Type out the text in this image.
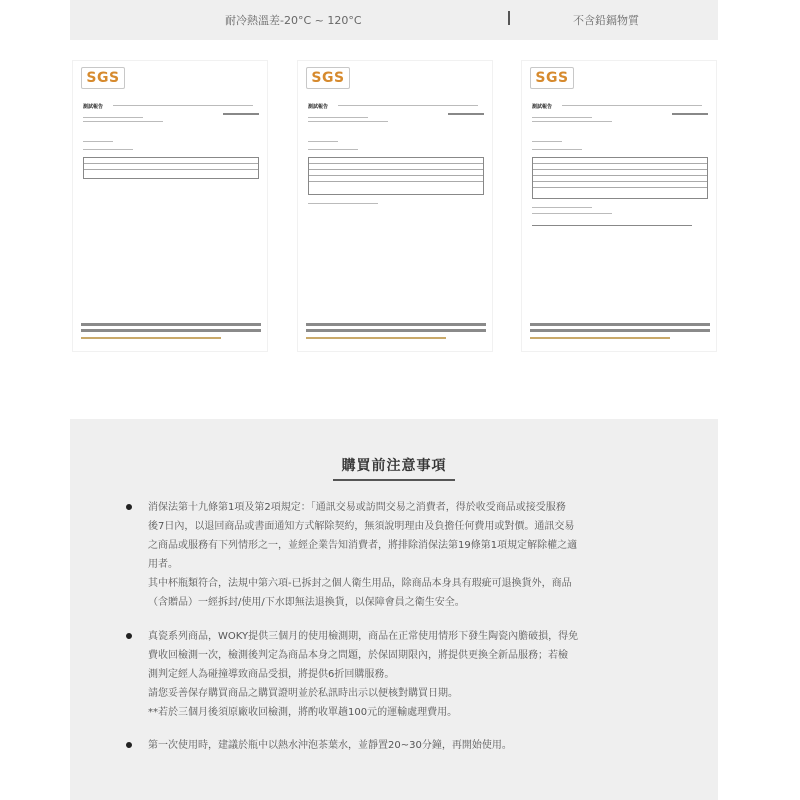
耐冷熱溫差-20°C ~ 120°C	不含鉛鎘物質
SGS
測試報告
SGS
測試報告
SGS
測試報告
購買前注意事項

消保法第十九條第1項及第2項規定：「通訊交易或訪問交易之消費者，得於收受商品或接受服務

後7日內，以退回商品或書面通知方式解除契約，無須說明理由及負擔任何費用或對價。通訊交易

之商品或服務有下列情形之一，並經企業告知消費者，將排除消保法第19條第1項規定解除權之適

用者。

其中杯瓶類符合，法規中第六項-已拆封之個人衛生用品，除商品本身具有瑕疵可退換貨外，商品

（含贈品）一經拆封/使用/下水即無法退換貨，以保障會員之衛生安全。

真瓷系列商品，WOKY提供三個月的使用檢測期，商品在正常使用情形下發生陶瓷內膽破損，得免

費收回檢測一次，檢測後判定為商品本身之問題，於保固期限內，將提供更換全新品服務；若檢

測判定經人為碰撞導致商品受損，將提供6折回購服務。

請您妥善保存購買商品之購買證明並於私訊時出示以便核對購買日期。

**若於三個月後須原廠收回檢測，將酌收單趟100元的運輸處理費用。

第一次使用時，建議於瓶中以熱水沖泡茶葉水，並靜置20~30分鐘，再開始使用。
